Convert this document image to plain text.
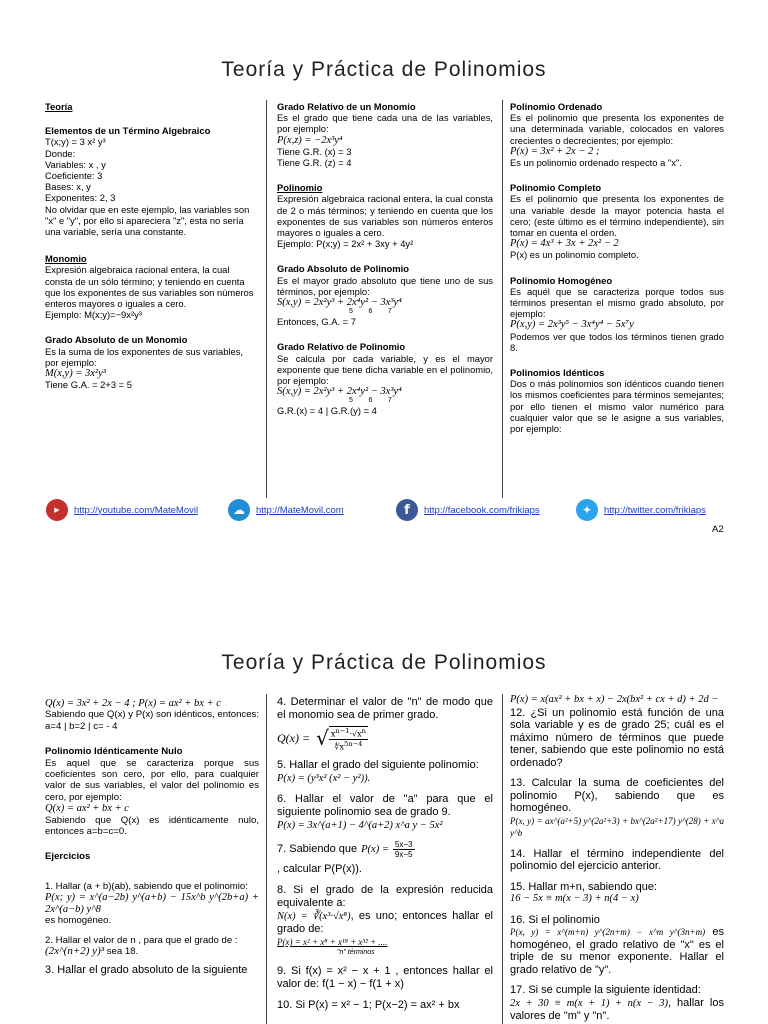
Teoría y Práctica de Polinomios

Teoría

Elementos de un Término Algebraico

T(x;y) = 3 x² y³

Donde:

Variables: x , y

Coeficiente: 3

Bases: x, y

Exponentes: 2, 3

No olvidar que en este ejemplo, las variables son "x" e "y", por ello si apareciera "z", esta no sería una variable, sería una constante.

Monomio

Expresión algebraica racional entera, la cual consta de un sólo término; y teniendo en cuenta que los exponentes de sus variables son números enteros mayores o iguales a cero.

Ejemplo: M(x;y)=−9x²y³

Grado Absoluto de un Monomio

Es la suma de los exponentes de sus variables, por ejemplo:

M(x,y) = 3x²y³

Tiene G.A. = 2+3 = 5

Grado Relativo de un Monomio

Es el grado que tiene cada una de las variables, por ejemplo:

P(x,z) = −2x³y⁴

Tiene G.R. (x) = 3

Tiene G.R. (z) = 4

Polinomio

Expresión algebraica racional entera, la cual consta de 2 o más términos; y teniendo en cuenta que los exponentes de sus variables son números enteros mayores o iguales a cero.

Ejemplo: P(x;y) = 2x² + 3xy + 4y²

Grado Absoluto de Polinomio

Es el mayor grado absoluto que tiene uno de sus términos, por ejemplo:

S(x,y) = 2x²y³ + 2x⁴y² − 3x³y⁴

5        6        7

Entonces, G.A. = 7

Grado Relativo de Polinomio

Se calcula por cada variable, y es el mayor exponente que tiene dicha variable en el polinomio, por ejemplo:

S(x,y) = 2x²y³ + 2x⁴y² − 3x³y⁴

5        6        7

G.R.(x) = 4 | G.R.(y) = 4

Polinomio Ordenado

Es el polinomio que presenta los exponentes de una determinada variable, colocados en valores crecientes o decrecientes; por ejemplo:

P(x) = 3x² + 2x − 2 ;

Es un polinomio ordenado respecto a "x".

Polinomio Completo

Es el polinomio que presenta los exponentes de una variable desde la mayor potencia hasta el cero; (este último es el término independiente), sin tomar en cuenta el orden.

P(x) = 4x³ + 3x + 2x² − 2

P(x) es un polinomio completo.

Polinomio Homogéneo

Es aquél que se caracteriza porque todos sus términos presentan el mismo grado absoluto, por ejemplo:

P(x,y) = 2x³y⁵ − 3x⁴y⁴ − 5x⁷y

Podemos ver que todos los términos tienen grado 8.

Polinomios Idénticos

Dos o más polinomios son idénticos cuando tienen los mismos coeficientes para términos semejantes; por ello tienen el mismo valor numérico para cualquier valor que se le asigne a sus variables, por ejemplo:

▶	http://youtube.com/MateMovil	☁	http://MateMovil.com	f	http://facebook.com/frikiaps	✦	http://twitter.com/frikiaps
A2
Teoría y Práctica de Polinomios

Q(x) = 3x² + 2x − 4 ; P(x) = ax² + bx + c

Sabiendo que Q(x) y P(x) son idénticos, entonces: a=4 | b=2 | c= - 4

Polinomio Idénticamente Nulo

Es aquel que se caracteriza porque sus coeficientes son cero, por ello, para cualquier valor de sus variables, el valor del polinomio es cero, por ejemplo:

Q(x) = ax² + bx + c

Sabiendo que Q(x) es idénticamente nulo, entonces a=b=c=0.

Ejercicios

1. Hallar (a + b)(ab), sabiendo que el polinomio:

P(x; y) = x^(a−2b) y^(a+b) − 15x^b y^(2b+a) + 2x^(a−b) y^8

es homogéneo.

2. Hallar el valor de n , para que el grado de :

(2x^(n+2) y)³ sea 18.

3. Hallar el grado absoluto de la siguiente

4. Determinar el valor de "n" de modo que el monomio sea de primer grado.

Q(x) = √ $\frac{x^{n-1}\cdot√x^n}{∜x^{5n-4}}$

5. Hallar el grado del siguiente polinomio:

P(x) = (y³x² (x² − y²)).

6. Hallar el valor de "a" para que el siguiente polinomio sea de grado 9.

P(x) = 3x^(a+1) − 4^(a+2) x^a y − 5x²

7. Sabiendo que $P(x) = \frac{5x-3}{9x-5}$
, calcular P(P(x)).

8. Si el grado de la expresión reducida equivalente a:

N(x) = ∛(x³·√x⁸), es uno; entonces hallar el grado de:

P(x) = x² + x⁸ + x¹⁸ + x³² + ....

"n" términos

9. Si f(x) = x² − x + 1 , entonces hallar el valor de: f(1 − x) − f(1 + x)

10. Si P(x) = x² − 1; P(x−2) = ax² + bx

P(x) = x(ax² + bx + x) − 2x(bx² + cx + d) + 2d −

12. ¿Si un polinomio está función de una sola variable y es de grado 25; cuál es el máximo número de términos que puede tener, sabiendo que este polinomio no está ordenado?

13. Calcular la suma de coeficientes del polinomio P(x), sabiendo que es homogéneo.

P(x, y) = ax^(a²+5) y^(2a²+3) + bx^(2a²+17) y^(28) + x^a y^b

14. Hallar el término independiente del polinomio del ejercicio anterior.

15. Hallar m+n, sabiendo que:

16 − 5x ≡ m(x − 3) + n(4 − x)

16. Si el polinomio

P(x, y) = x^(m+n) y^(2n+m) − x^m y^(3n+m) es homogéneo, el grado relativo de "x" es el triple de su menor exponente. Hallar el grado relativo de "y".

17. Si se cumple la siguiente identidad:

2x + 30 ≡ m(x + 1) + n(x − 3), hallar los valores de "m" y "n".
